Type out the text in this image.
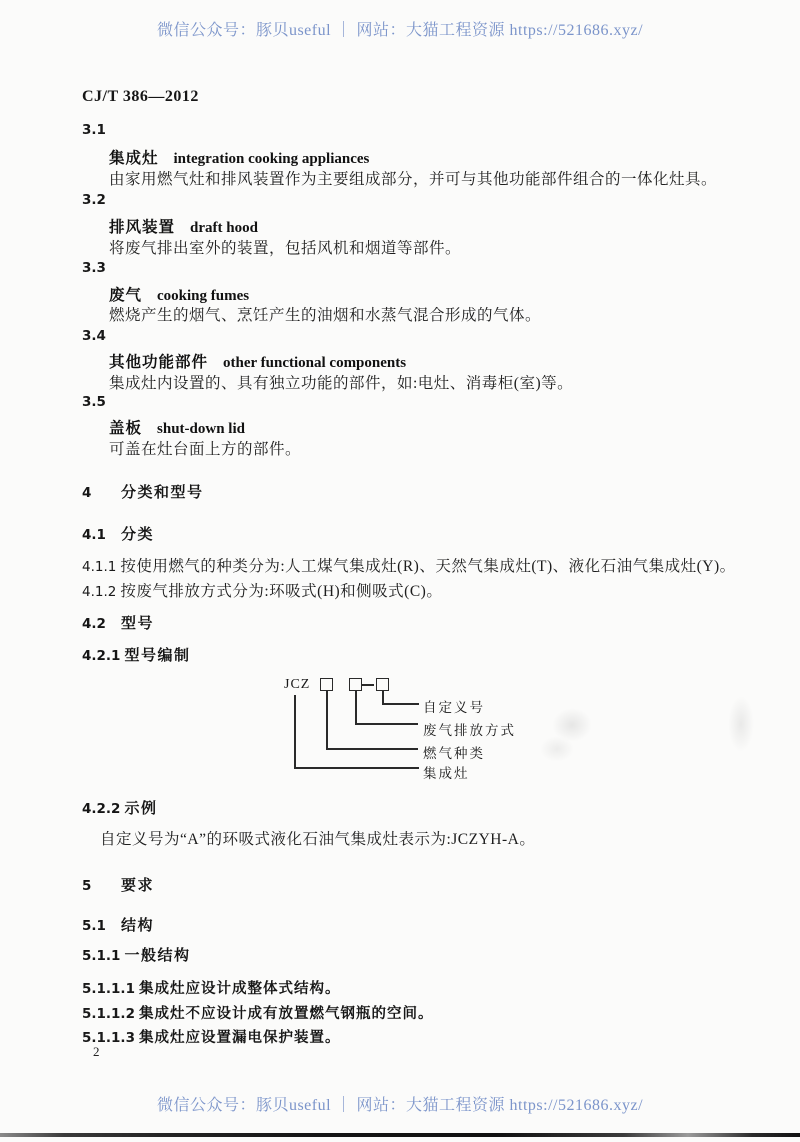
微信公众号：豚贝useful ｜ 网站：大猫工程资源 https://521686.xyz/
微信公众号：豚贝useful ｜ 网站：大猫工程资源 https://521686.xyz/
CJ/T 386—2012
3.1
集成灶 integration cooking appliances
由家用燃气灶和排风装置作为主要组成部分，并可与其他功能部件组合的一体化灶具。
3.2
排风装置 draft hood
将废气排出室外的装置，包括风机和烟道等部件。
3.3
废气 cooking fumes
燃烧产生的烟气、烹饪产生的油烟和水蒸气混合形成的气体。
3.4
其他功能部件 other functional components
集成灶内设置的、具有独立功能的部件，如:电灶、消毒柜(室)等。
3.5
盖板 shut-down lid
可盖在灶台面上方的部件。
4 分类和型号
4.1 分类
4.1.1 按使用燃气的种类分为:人工煤气集成灶(R)、天然气集成灶(T)、液化石油气集成灶(Y)。
4.1.2 按废气排放方式分为:环吸式(H)和侧吸式(C)。
4.2 型号
4.2.1 型号编制
JCZ
自定义号
废气排放方式
燃气种类
集成灶
4.2.2 示例
自定义号为“A”的环吸式液化石油气集成灶表示为:JCZYH-A。
5 要求
5.1 结构
5.1.1 一般结构
5.1.1.1 集成灶应设计成整体式结构。
5.1.1.2 集成灶不应设计成有放置燃气钢瓶的空间。
5.1.1.3 集成灶应设置漏电保护装置。
2
